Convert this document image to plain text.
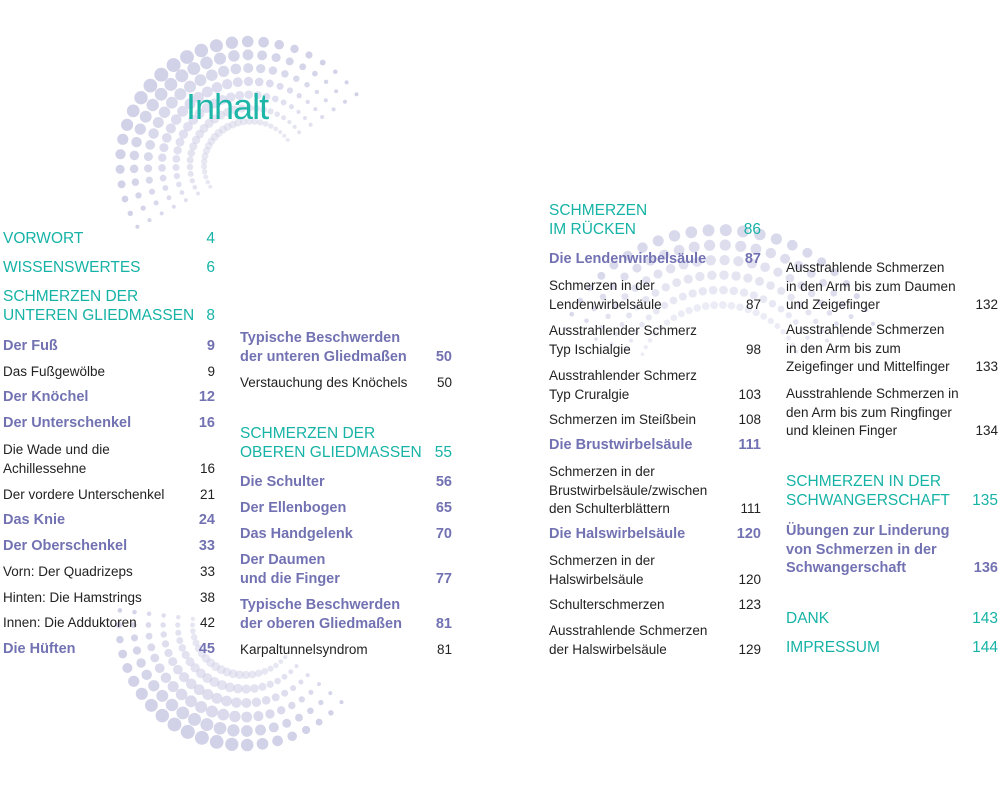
Inhalt
VORWORT	4
WISSENSWERTES	6
SCHMERZEN DER
UNTEREN GLIEDMASSEN 8
Der Fuß	9
Das Fußgewölbe	9
Der Knöchel	12
Der Unterschenkel	16
Die Wade und die
Achillessehne	16
Der vordere Unterschenkel	21
Das Knie	24
Der Oberschenkel	33
Vorn: Der Quadrizeps	33
Hinten: Die Hamstrings	38
Innen: Die Adduktoren	42
Die Hüften	45
Typische Beschwerden
der unteren Gliedmaßen	50
Verstauchung des Knöchels	50
SCHMERZEN DER
OBEREN GLIEDMASSEN 55
Die Schulter	56
Der Ellenbogen	65
Das Handgelenk	70
Der Daumen
und die Finger	77
Typische Beschwerden
der oberen Gliedmaßen	81
Karpaltunnelsyndrom	81
SCHMERZEN
IM RÜCKEN	86
Die Lendenwirbelsäule	87
Schmerzen in der
Lendenwirbelsäule	87
Ausstrahlender Schmerz
Typ Ischialgie	98
Ausstrahlender Schmerz
Typ Cruralgie	103
Schmerzen im Steißbein	108
Die Brustwirbelsäule	111
Schmerzen in der
Brustwirbelsäule/zwischen
den Schulterblättern	111
Die Halswirbelsäule	120
Schmerzen in der
Halswirbelsäule	120
Schulterschmerzen	123
Ausstrahlende Schmerzen
der Halswirbelsäule	129
Ausstrahlende Schmerzen
in den Arm bis zum Daumen
und Zeigefinger	132
Ausstrahlende Schmerzen
in den Arm bis zum
Zeigefinger und Mittelfinger	133
Ausstrahlende Schmerzen in
den Arm bis zum Ringfinger
und kleinen Finger	134
SCHMERZEN IN DER
SCHWANGERSCHAFT	135
Übungen zur Linderung
von Schmerzen in der
Schwangerschaft	136
DANK	143
IMPRESSUM	144
